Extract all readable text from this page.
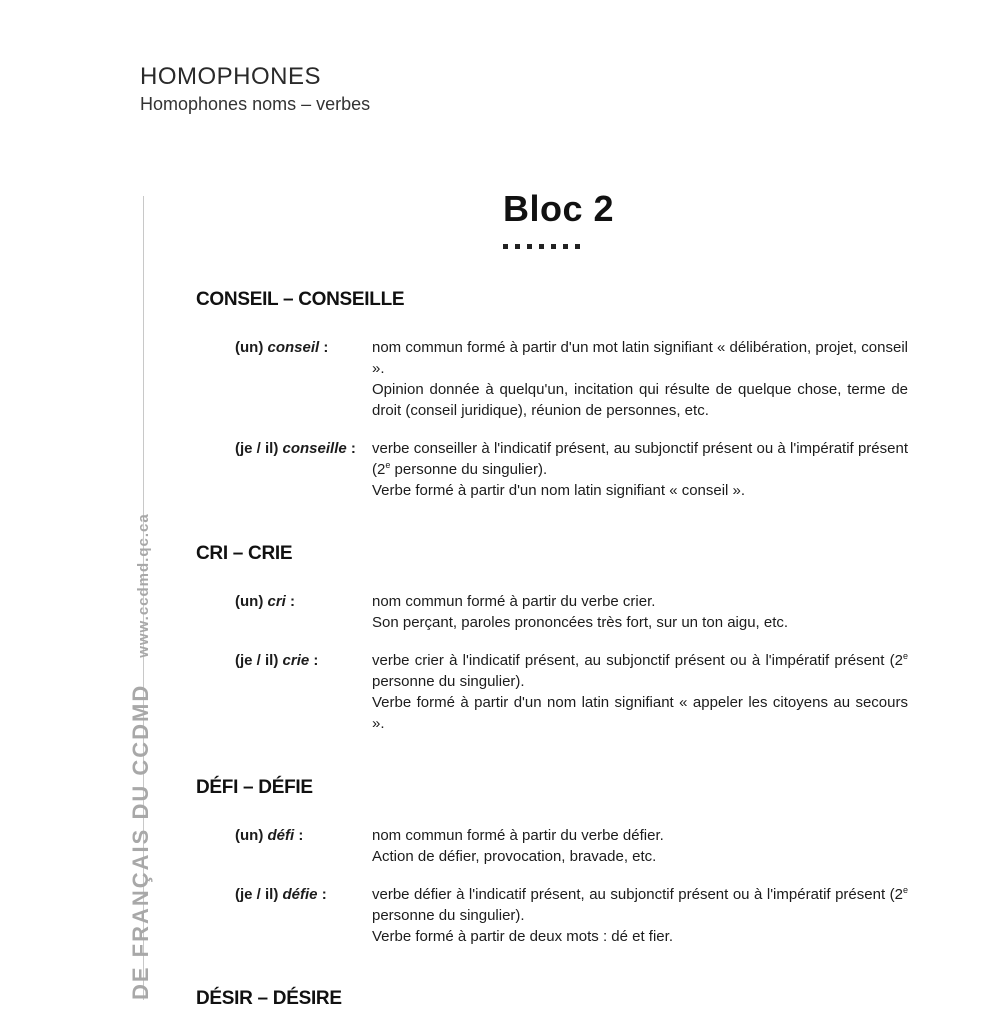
HOMOPHONES
Homophones noms – verbes
DE FRANÇAIS DU CCDMDwww.ccdmd.qc.ca
Bloc 2
CONSEIL – CONSEILLE
(un) conseil :	nom commun formé à partir d'un mot latin signifiant « délibération, projet, conseil ».

Opinion donnée à quelqu'un, incitation qui résulte de quelque chose, terme de droit (conseil juridique), réunion de personnes, etc.

(je / il) conseille :	verbe conseiller à l'indicatif présent, au subjonctif présent ou à l'impératif présent (2e personne du singulier).

Verbe formé à partir d'un nom latin signifiant « conseil ».

CRI – CRIE
(un) cri :	nom commun formé à partir du verbe crier.

Son perçant, paroles prononcées très fort, sur un ton aigu, etc.

(je / il) crie :	verbe crier à l'indicatif présent, au subjonctif présent ou à l'impératif présent (2e personne du singulier).

Verbe formé à partir d'un nom latin signifiant « appeler les citoyens au secours ».

DÉFI – DÉFIE
(un) défi :	nom commun formé à partir du verbe défier.

Action de défier, provocation, bravade, etc.

(je / il) défie :	verbe défier à l'indicatif présent, au subjonctif présent ou à l'impératif présent (2e personne du singulier).

Verbe formé à partir de deux mots : dé et fier.

DÉSIR – DÉSIRE
